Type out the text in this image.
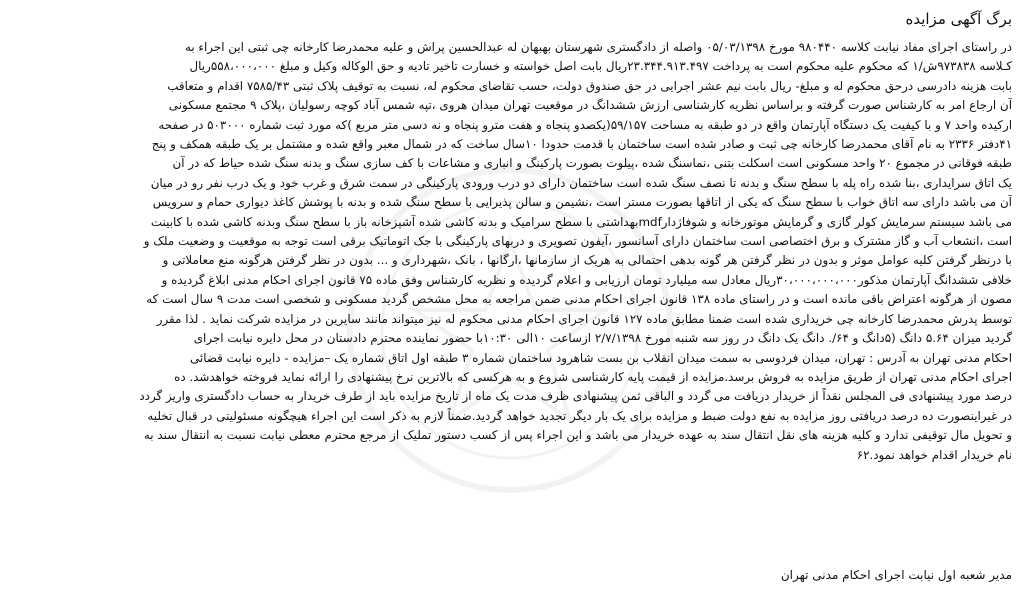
برگ آگهی مزایده
در راستای اجرای مفاد نیابت کلاسه ۹۸۰۴۴۰ مورخ ۰۵/۰۳/۱۳۹۸ واصله از دادگستری شهرستان بهبهان له عبدالحسین پراش و علیه محمدرضا کارخانه چی ثبتی این اجراء به
کـلاسه ۹۷۳۸۳۸ش/۱ که محکوم علیه محکوم است به پرداخت ۲۳.۳۴۴.۹۱۳.۴۹۷ریال بابت اصل خواسته و خسارت تاخیر تادیه و حق الوکاله وکیل و مبلغ ۵۵۸،۰۰۰،۰۰۰ریال
بابت هزینه دادرسی درحق محکوم له و مبلغ- ریال بابت نیم عشر اجرایی در حق صندوق دولت، حسب تقاضای محکوم له، نسبت به توقیف پلاک ثبتی ۷۵۸۵/۴۳ اقدام و متعاقب
آن ارجاع امر به کارشناس صورت گرفته و براساس نظریه کارشناسی ارزش ششدانگ در موقعیت تهران میدان هروی ،تپه شمس آباد کوچه رسولیان ،پلاک ۹ مجتمع مسکونی
ارکیده واحد ۷ و با کیفیت یک دستگاه آپارتمان واقع در دو طبقه به مساحت ۵۹/۱۵۷(یکصدو پنجاه و هفت مترو پنجاه و نه دسی متر مربع )که مورد ثبت شماره ۵۰۳۰۰۰ در صفحه
۴۱دفتر ۲۳۳۶ به نام آقای محمدرضا کارخانه چی ثبت و صادر شده است ساختمان با قدمت حدودا ۱۰سال ساخت که در شمال معبر واقع شده و مشتمل بر یک طبقه همکف و پنج
طبقه فوقانی در مجموع ۲۰ واحد مسکونی است اسکلت بتنی ،نماسنگ شده ،پیلوت بصورت پارکینگ و انباری و مشاعات با کف سازی سنگ و بدنه سنگ شده حیاط که در آن
یک اتاق سرایداری ،بنا شده راه پله با سطح سنگ و بدنه تا نصف سنگ شده است ساختمان دارای دو درب ورودی پارکینگی در سمت شرق و غرب خود و یک درب نفر رو در میان
آن می باشد دارای سه اتاق خواب با سطح سنگ که یکی از اتاقها بصورت مستر است ،نشیمن و سالن پذیرایی با سطح سنگ شده و بدنه با پوشش کاغذ دیواری حمام و سرویس
می باشد سیستم سرمایش کولر گازی و گرمایش موتورخانه و شوفاژدارmdfبهداشتی با سطح سرامیک و بدنه کاشی شده آشپزخانه باز با سطح سنگ وبدنه کاشی شده با کابینت
است ،انشعاب آب و گاز مشترک و برق اختصاصی است ساختمان دارای آسانسور ،آیفون تصویری و دربهای پارکینگی با جک اتوماتیک برقی است توجه به موقعیت و وضعیت ملک و
با درنظر گرفتن کلیه عوامل موثر و بدون در نظر گرفتن هر گونه بدهی احتمالی به هریک از سازمانها ،ارگانها ، بانک ،شهرداری و ... بدون در نظر گرفتن هرگونه منع معاملاتی و
خلافی ششدانگ آپارتمان مذکور۳۰،۰۰۰،۰۰۰،۰۰۰ریال معادل سه میلیارد تومان ارزیابی و اعلام گردیده و نظریه کارشناس وفق ماده ۷۵ قانون اجرای احکام مدنی ابلاغ گردیده و
مصون از هرگونه اعتراض باقی مانده است و در راستای ماده ۱۳۸ قانون اجرای احکام مدنی ضمن مراجعه به محل مشخص گردید مسکونی و شخصی است مدت ۹ سال است که
توسط پدرش محمدرضا کارخانه چی خریداری شده است ضمنا مطابق ماده ۱۲۷ قانون اجرای احکام مدنی محکوم له نیز میتواند مانند سایرین در مزایده شرکت نماید . لذا مقرر
گردید میزان ۵.۶۴ دانگ (۵دانگ و ۶۴/. دانگ یک دانگ در روز سه شنبه مورخ ۲/۷/۱۳۹۸ ازساعت ۱۰الی ۱۰:۳۰با حضور نماینده محترم دادستان در محل دایره نیابت اجرای
احکام مدنی تهران به آدرس : تهران، میدان فردوسی به سمت میدان انقلاب بن بست شاهرود ساختمان شماره ۳ طبقه اول اتاق شماره یک –مزایده - دایره نیابت قضائی
اجرای احکام مدنی تهران از طریق مزایده به فروش برسد.مزایده از قیمت پایه کارشناسی شروع و به هرکسی که بالاترین نرخ پیشنهادی را ارائه نماید فروخته خواهدشد. ده
درصد مورد پیشنهادی فی المجلس نقداً از خریدار دریافت می گردد و الباقی ثمن پیشنهادی ظرف مدت یک ماه از تاریخ مزایده باید از طرف خریدار به حساب دادگستری واریز گردد
در غیراینصورت ده درصد دریافتی روز مزایده به نفع دولت ضبط و مزایده برای یک بار دیگر تجدید خواهد گردید.ضمناً لازم به ذکر است این اجراء هیچگونه مسئولیتی در قبال تخلیه
و تحویل مال توقیفی ندارد و کلیه هزینه های نقل انتقال سند به عهده خریدار می باشد و این اجراء پس از کسب دستور تملیک از مرجع محترم معطی نیابت نسبت به انتقال سند به
نام خریدار اقدام خواهد نمود.۶۲

مدیر شعبه اول نیابت اجرای احکام مدنی تهران
